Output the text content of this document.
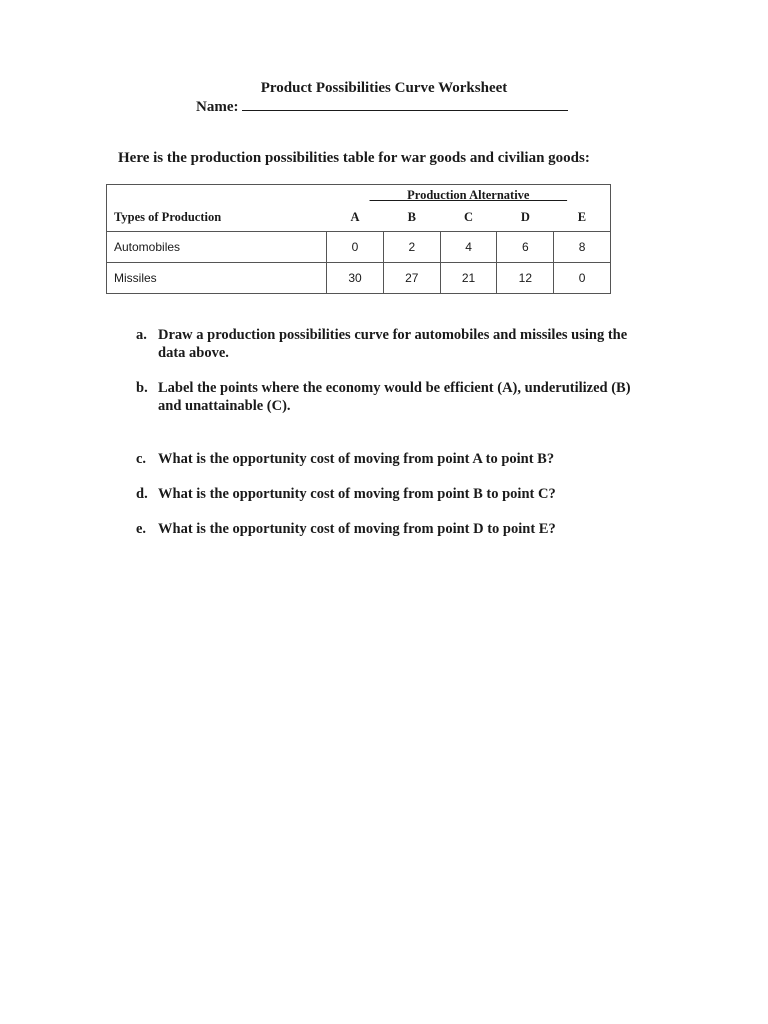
Product Possibilities Curve Worksheet
Name:
Here is the production possibilities table for war goods and civilian goods:
	______Production Alternative______				
Types of Production	A	B	C	D	E
Automobiles	0	2	4	6	8
Missiles	30	27	21	12	0
a. Draw a production possibilities curve for automobiles and missiles using the data above.
b. Label the points where the economy would be efficient (A), underutilized (B) and unattainable (C).
c. What is the opportunity cost of moving from point A to point B?
d. What is the opportunity cost of moving from point B to point C?
e. What is the opportunity cost of moving from point D to point E?
